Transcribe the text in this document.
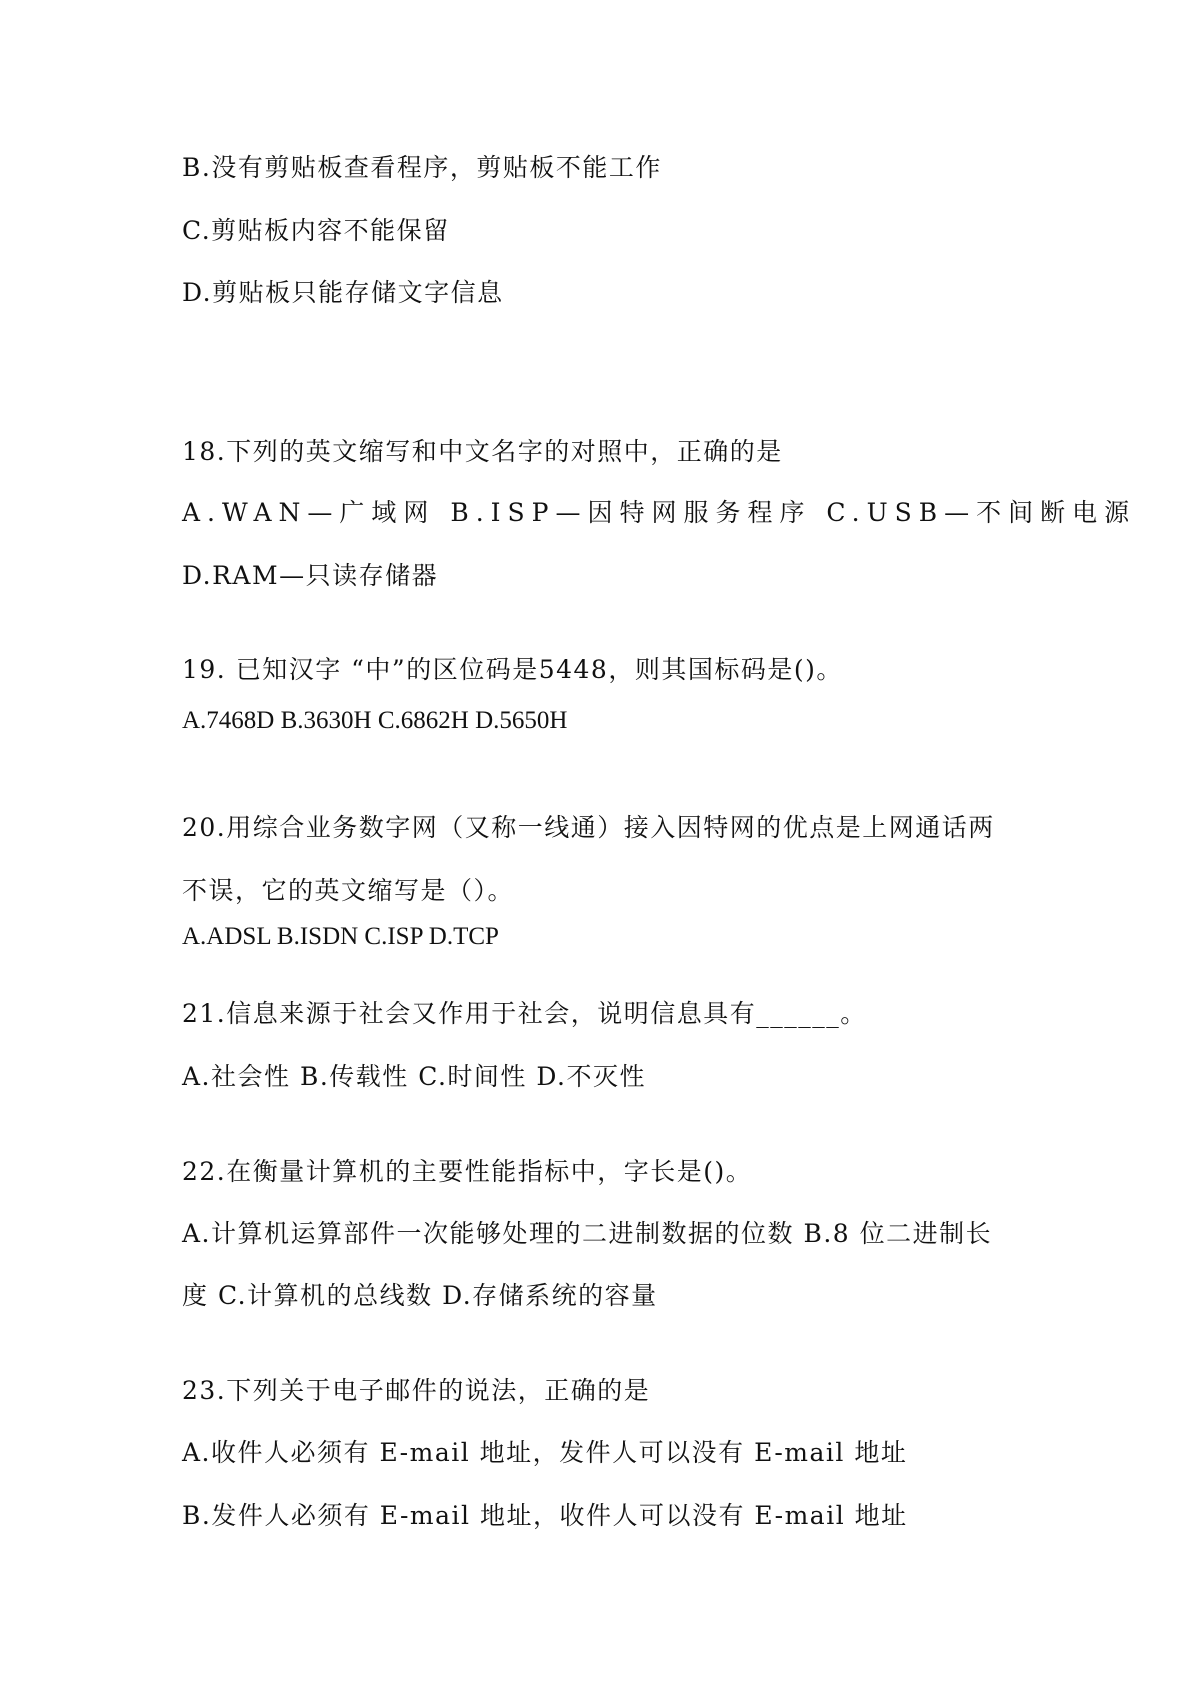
B.没有剪贴板查看程序，剪贴板不能工作
C.剪贴板内容不能保留
D.剪贴板只能存储文字信息
18.下列的英文缩写和中文名字的对照中，正确的是
A.WAN—广域网 B.ISP—因特网服务程序 C.USB—不间断电源
D.RAM—只读存储器
19. 已知汉字 “中”的区位码是5448，则其国标码是()。
A.7468D B.3630H C.6862H D.5650H
20.用综合业务数字网（又称一线通）接入因特网的优点是上网通话两
不误，它的英文缩写是（）。
A.ADSL B.ISDN C.ISP D.TCP
21.信息来源于社会又作用于社会，说明信息具有______。
A.社会性 B.传载性 C.时间性 D.不灭性
22.在衡量计算机的主要性能指标中，字长是()。
A.计算机运算部件一次能够处理的二进制数据的位数 B.8 位二进制长
度 C.计算机的总线数 D.存储系统的容量
23.下列关于电子邮件的说法，正确的是
A.收件人必须有 E-mail 地址，发件人可以没有 E-mail 地址
B.发件人必须有 E-mail 地址，收件人可以没有 E-mail 地址
